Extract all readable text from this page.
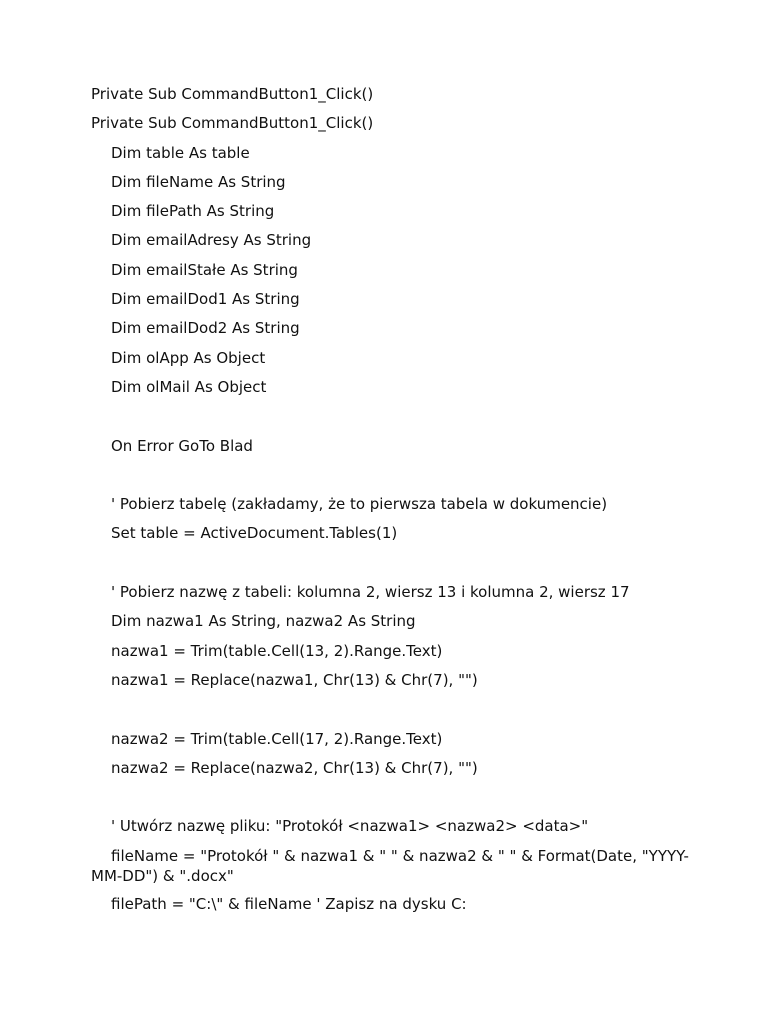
Private Sub CommandButton1_Click()
Private Sub CommandButton1_Click()
Dim table As table
Dim fileName As String
Dim filePath As String
Dim emailAdresy As String
Dim emailStałe As String
Dim emailDod1 As String
Dim emailDod2 As String
Dim olApp As Object
Dim olMail As Object
On Error GoTo Blad
' Pobierz tabelę (zakładamy, że to pierwsza tabela w dokumencie)
Set table = ActiveDocument.Tables(1)
' Pobierz nazwę z tabeli: kolumna 2, wiersz 13 i kolumna 2, wiersz 17
Dim nazwa1 As String, nazwa2 As String
nazwa1 = Trim(table.Cell(13, 2).Range.Text)
nazwa1 = Replace(nazwa1, Chr(13) & Chr(7), "")
nazwa2 = Trim(table.Cell(17, 2).Range.Text)
nazwa2 = Replace(nazwa2, Chr(13) & Chr(7), "")
' Utwórz nazwę pliku: "Protokół <nazwa1> <nazwa2> <data>"
fileName = "Protokół " & nazwa1 & " " & nazwa2 & " " & Format(Date, "YYYY-MM-DD") & ".docx"
filePath = "C:\" & fileName ' Zapisz na dysku C:
